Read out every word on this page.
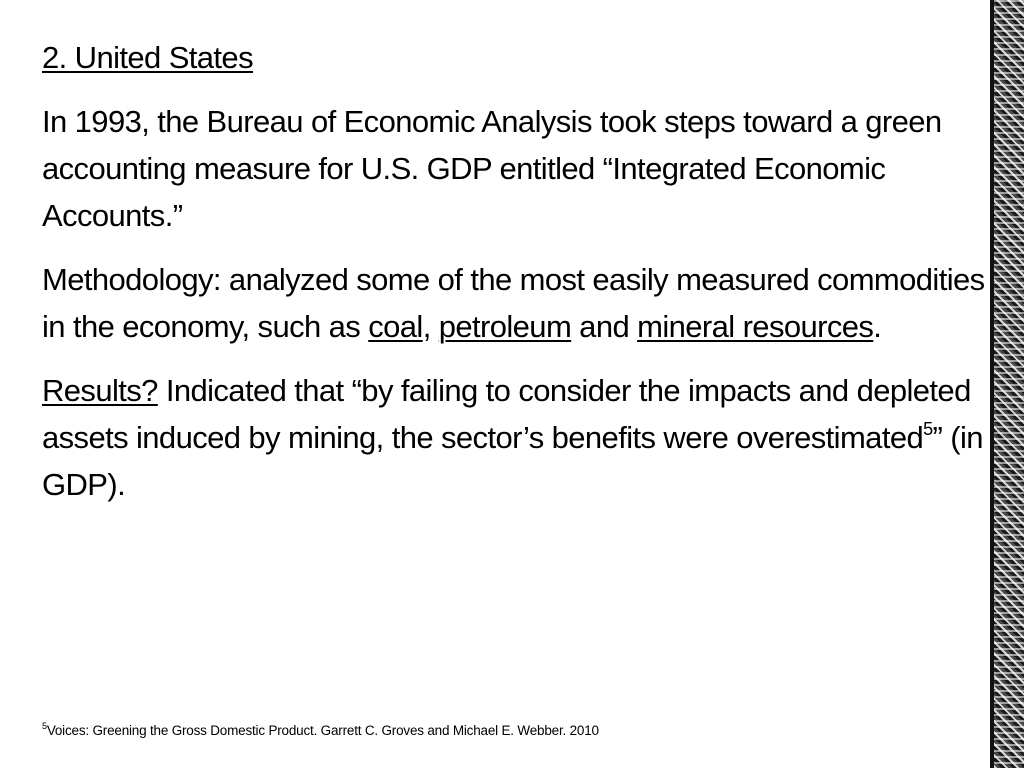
2. United States
In 1993, the Bureau of Economic Analysis took steps toward a green accounting measure for U.S. GDP entitled “Integrated Economic Accounts.”
Methodology: analyzed some of the most easily measured commodities in the economy, such as coal, petroleum and mineral resources.
Results? Indicated that “by failing to consider the impacts and depleted assets induced by mining, the sector’s benefits were overestimated$^5$” (in GDP).
$^5$Voices: Greening the Gross Domestic Product. Garrett C. Groves and Michael E. Webber. 2010
